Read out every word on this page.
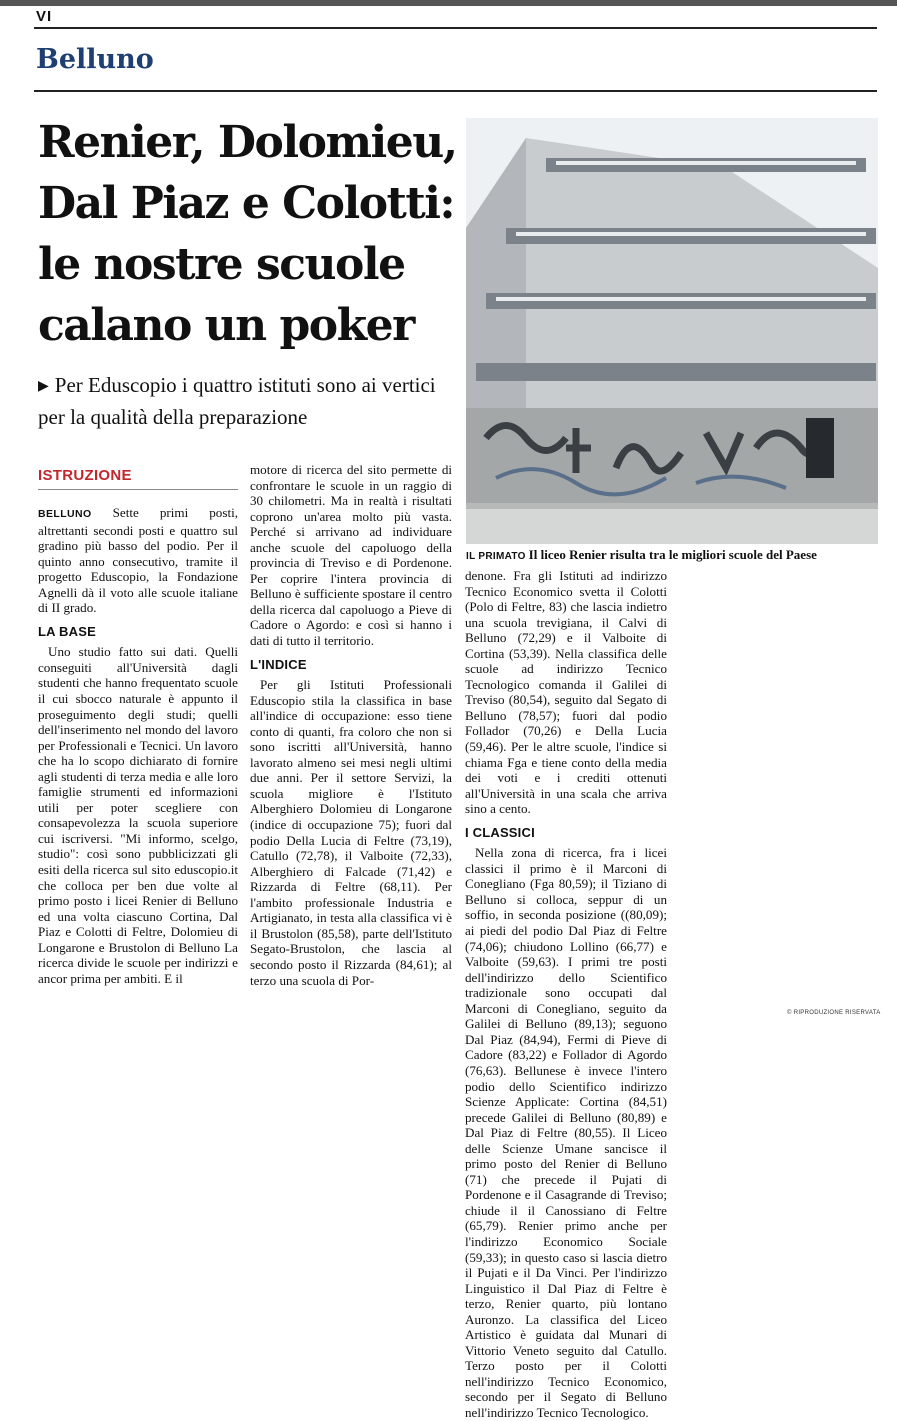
VI
Belluno
Renier, Dolomieu,
Dal Piaz e Colotti:
le nostre scuole
calano un poker
▶ Per Eduscopio i quattro istituti sono ai vertici per la qualità della preparazione
IL PRIMATO Il liceo Renier risulta tra le migliori scuole del Paese
ISTRUZIONE

BELLUNO Sette primi posti, altrettanti secondi posti e quattro sul gradino più basso del podio. Per il quinto anno consecutivo, tramite il progetto Eduscopio, la Fondazione Agnelli dà il voto alle scuole italiane di II grado.

LA BASE

Uno studio fatto sui dati. Quelli conseguiti all'Università dagli studenti che hanno frequentato scuole il cui sbocco naturale è appunto il proseguimento degli studi; quelli dell'inserimento nel mondo del lavoro per Professionali e Tecnici. Un lavoro che ha lo scopo dichiarato di fornire agli studenti di terza media e alle loro famiglie strumenti ed informazioni utili per poter scegliere con consapevolezza la scuola superiore cui iscriversi. "Mi informo, scelgo, studio": così sono pubblicizzati gli esiti della ricerca sul sito eduscopio.it che colloca per ben due volte al primo posto i licei Renier di Belluno ed una volta ciascuno Cortina, Dal Piaz e Colotti di Feltre, Dolomieu di Longarone e Brustolon di Belluno La ricerca divide le scuole per indirizzi e ancor prima per ambiti. E il

motore di ricerca del sito permette di confrontare le scuole in un raggio di 30 chilometri. Ma in realtà i risultati coprono un'area molto più vasta. Perché si arrivano ad individuare anche scuole del capoluogo della provincia di Treviso e di Pordenone. Per coprire l'intera provincia di Belluno è sufficiente spostare il centro della ricerca dal capoluogo a Pieve di Cadore o Agordo: e così si hanno i dati di tutto il territorio.

L'INDICE

Per gli Istituti Professionali Eduscopio stila la classifica in base all'indice di occupazione: esso tiene conto di quanti, fra coloro che non si sono iscritti all'Università, hanno lavorato almeno sei mesi negli ultimi due anni. Per il settore Servizi, la scuola migliore è l'Istituto Alberghiero Dolomieu di Longarone (indice di occupazione 75); fuori dal podio Della Lucia di Feltre (73,19), Catullo (72,78), il Valboite (72,33), Alberghiero di Falcade (71,42) e Rizzarda di Feltre (68,11). Per l'ambito professionale Industria e Artigianato, in testa alla classifica vi è il Brustolon (85,58), parte dell'Istituto Segato-Brustolon, che lascia al secondo posto il Rizzarda (84,61); al terzo una scuola di Por-

denone. Fra gli Istituti ad indirizzo Tecnico Economico svetta il Colotti (Polo di Feltre, 83) che lascia indietro una scuola trevigiana, il Calvi di Belluno (72,29) e il Valboite di Cortina (53,39). Nella classifica delle scuole ad indirizzo Tecnico Tecnologico comanda il Galilei di Treviso (80,54), seguito dal Segato di Belluno (78,57); fuori dal podio Follador (70,26) e Della Lucia (59,46). Per le altre scuole, l'indice si chiama Fga e tiene conto della media dei voti e i crediti ottenuti all'Università in una scala che arriva sino a cento.

I CLASSICI

Nella zona di ricerca, fra i licei classici il primo è il Marconi di Conegliano (Fga 80,59); il Tiziano di Belluno si colloca, seppur di un soffio, in seconda posizione ((80,09); ai piedi del podio Dal Piaz di Feltre (74,06); chiudono Lollino (66,77) e Valboite (59,63). I primi tre posti dell'indirizzo dello Scientifico tradizionale sono occupati dal Marconi di Conegliano, seguito da Galilei di Belluno (89,13); seguono Dal Piaz (84,94), Fermi di Pieve di Cadore (83,22) e Follador di Agordo (76,63). Bellunese è invece l'intero podio dello Scientifico indirizzo Scienze Applicate: Cortina (84,51) precede Galilei di Belluno (80,89) e Dal Piaz di Feltre (80,55). Il Liceo delle Scienze Umane sancisce il primo posto del Renier di Belluno (71) che precede il Pujati di Pordenone e il Casagrande di Treviso; chiude il il Canossiano di Feltre (65,79). Renier primo anche per l'indirizzo Economico Sociale (59,33); in questo caso si lascia dietro il Pujati e il Da Vinci. Per l'indirizzo Linguistico il Dal Piaz di Feltre è terzo, Renier quarto, più lontano Auronzo. La classifica del Liceo Artistico è guidata dal Munari di Vittorio Veneto seguito dal Catullo. Terzo posto per il Colotti nell'indirizzo Tecnico Economico, secondo per il Segato di Belluno nell'indirizzo Tecnico Tecnologico.

© RIPRODUZIONE RISERVATA
